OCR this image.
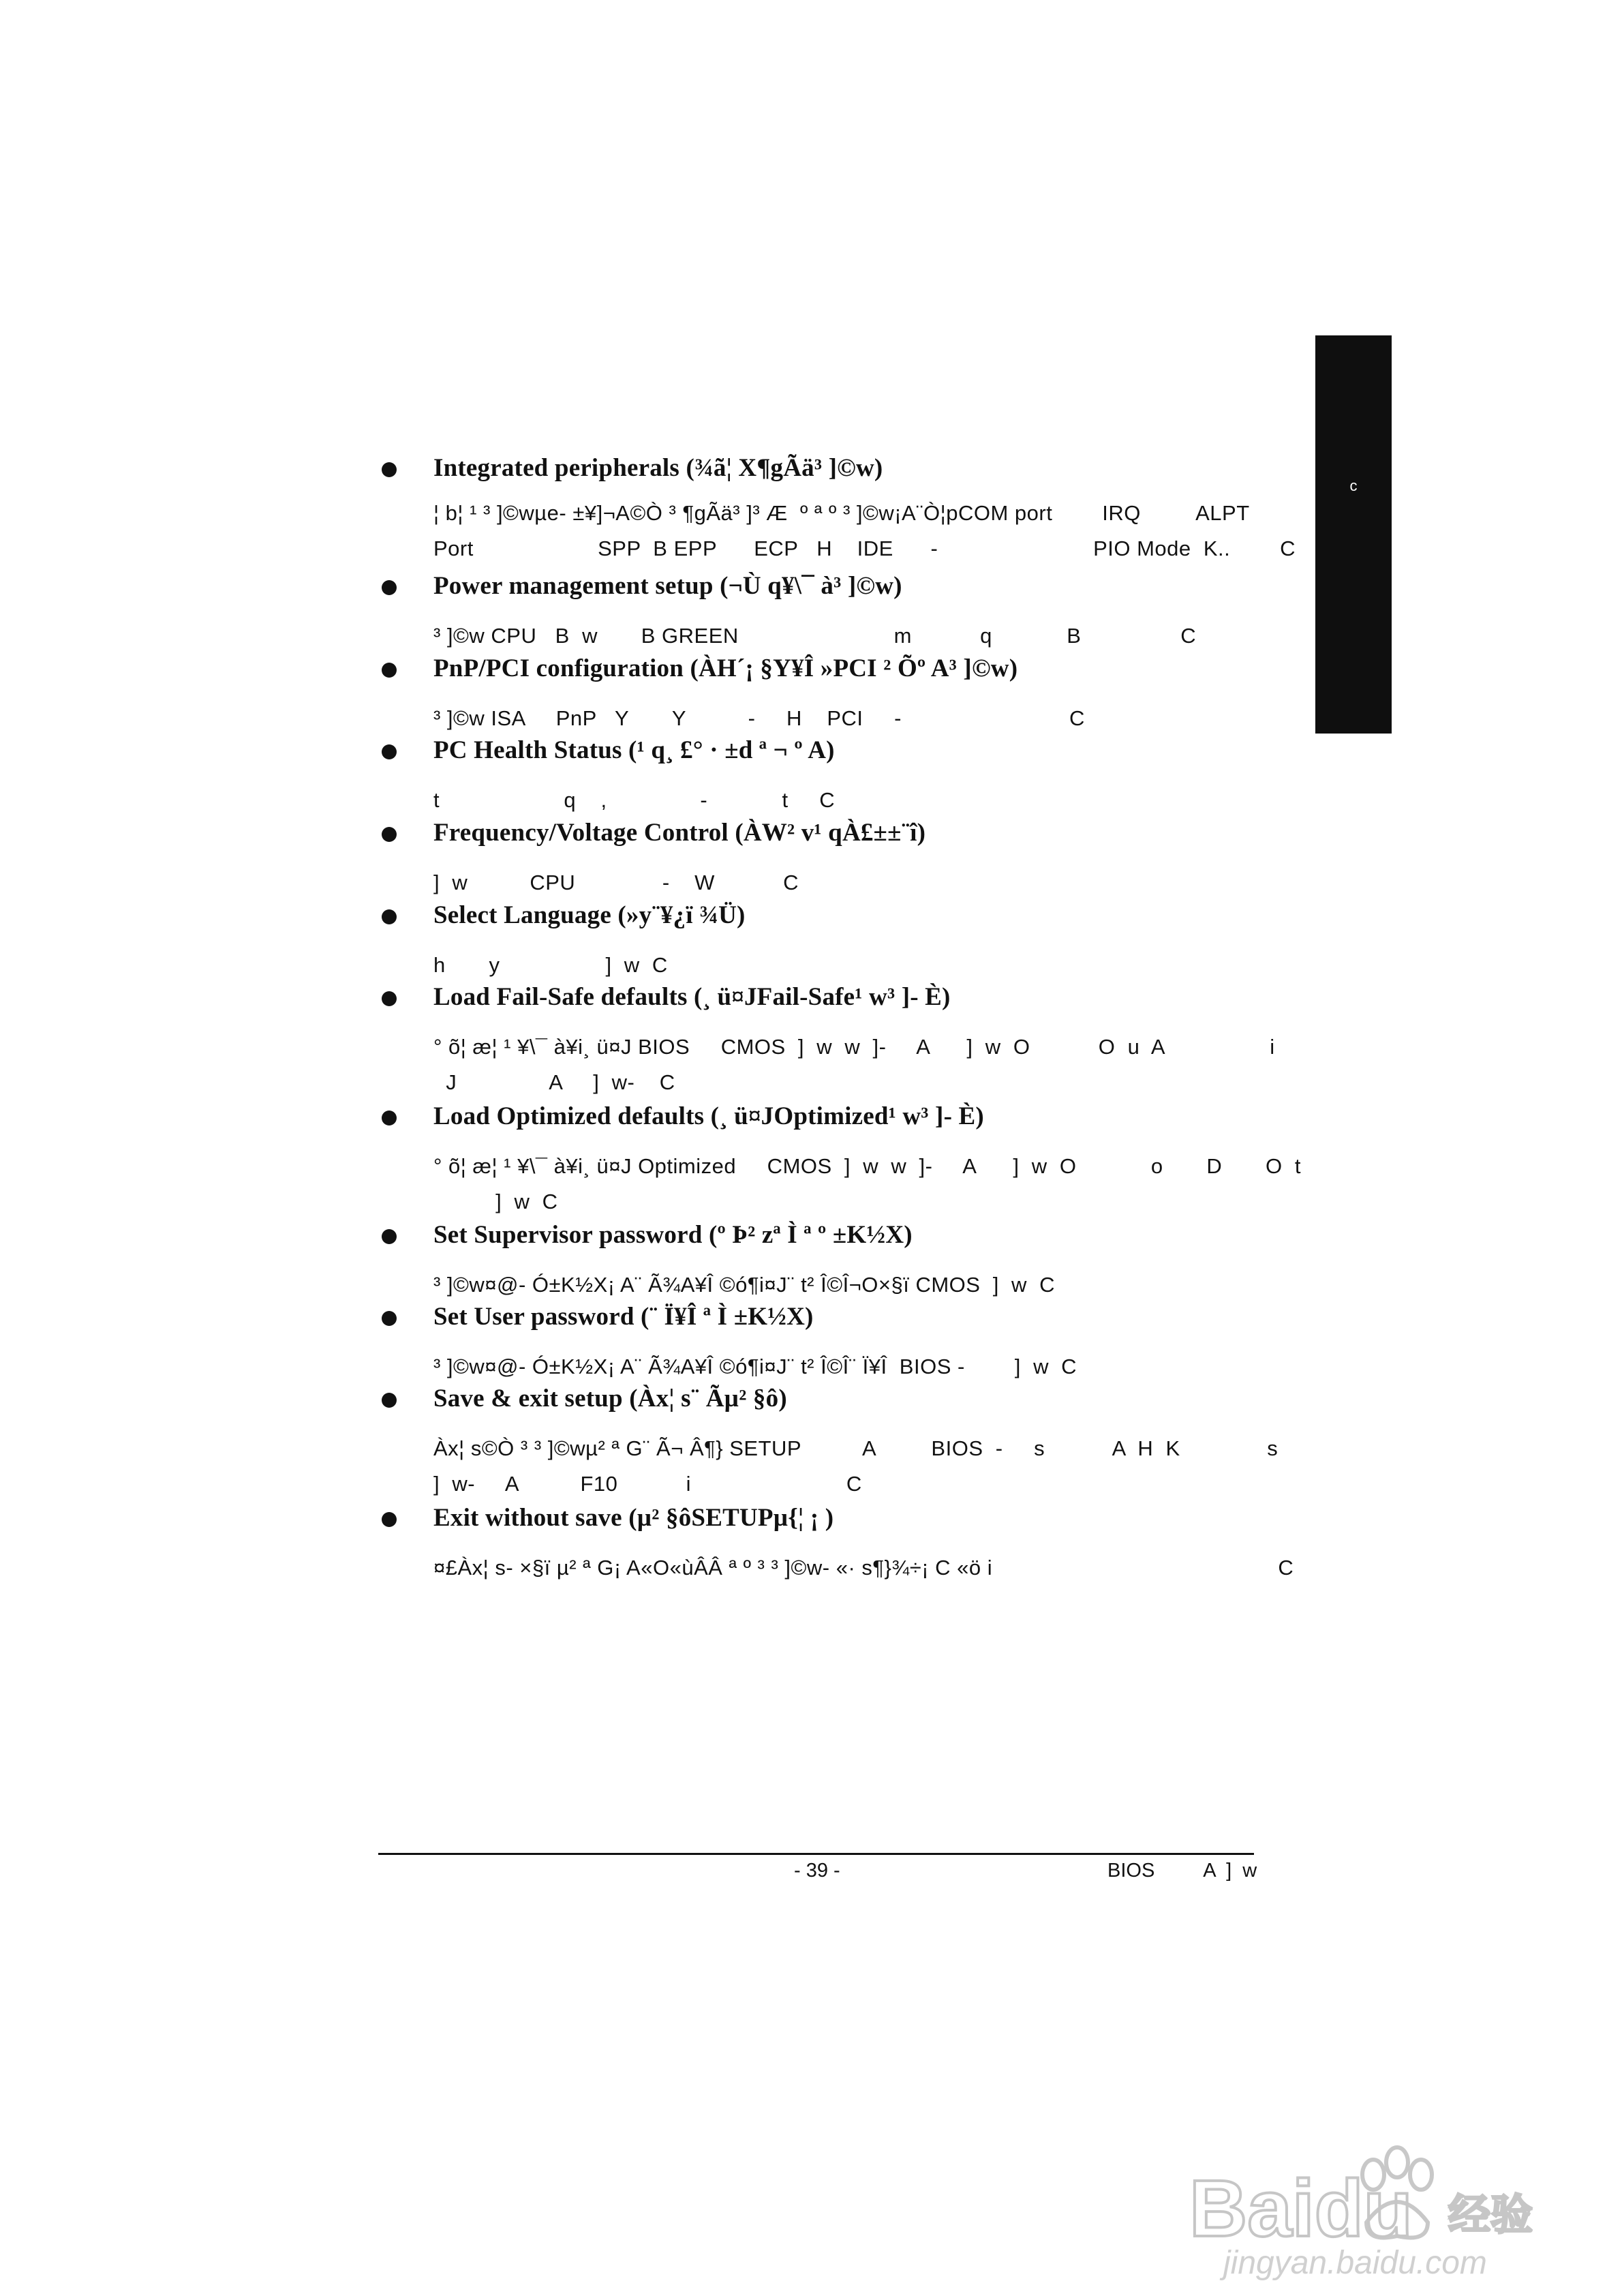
c
Integrated peripherals (¾ã¦ X¶gÃä³ ]©w)
¦ b¦ ¹ ³ ]©wµe- ±¥]¬A©Ò ³ ¶gÃä³ ]³ Æ  º ª º ³ ]©w¡A¨Ò¦pCOM port        IRQ         ALPT
Port                    SPP  B EPP      ECP   H    IDE      -                         PIO Mode  K..        C
Power management setup (¬Ù q¥\¯ à³ ]©w)
³ ]©w CPU   B  w       B GREEN                         m           q            B                C
PnP/PCI configuration (ÀH´¡ §Y¥Î »PCI ² Õº A³ ]©w)
³ ]©w ISA     PnP   Y       Y          -     H    PCI     -                           C
PC Health Status (¹ q¸ £° · ±d ª ¬ º A)
t                    q    ,               -            t     C
Frequency/Voltage Control (ÀW² v¹ qÀ£±±¨î)
]  w          CPU              -    W           C
Select Language (»y¨¥¿ï ¾Ü)
h       y                 ]  w  C
Load Fail-Safe defaults (¸ ü¤JFail-Safe¹ w³ ]- È)
° õ¦ æ¦ ¹ ¥\¯ à¥i¸ ü¤J BIOS     CMOS  ]  w  w  ]-     A      ]  w  O           O  u  A                 i
J               A     ]  w-    C
Load Optimized defaults (¸ ü¤JOptimized¹ w³ ]- È)
° õ¦ æ¦ ¹ ¥\¯ à¥i¸ ü¤J Optimized     CMOS  ]  w  w  ]-     A      ]  w  O            o       D       O  t
]  w  C
Set Supervisor password (º Þ² zª Ì ª º ±K½X)
³ ]©w¤@- Ó±K½X¡ A¨ Ã¾A¥Î ©ó¶i¤J¨ t² Î©Î¬O×§ï CMOS  ]  w  C
Set User password (¨ Ï¥Î ª Ì ±K½X)
³ ]©w¤@- Ó±K½X¡ A¨ Ã¾A¥Î ©ó¶i¤J¨ t² Î©Î¨ Ï¥Î  BIOS -        ]  w  C
Save & exit setup (Àx¦ s¨ Ãµ² §ô)
Àx¦ s©Ò ³ ³ ]©wµ² ª G¨ Ã¬ Â¶} SETUP          A         BIOS  -     s           A  H  K              s
]  w-     A          F10           i                         C
Exit without save (µ² §ôSETUPµ{¦ ¡ )
¤£Àx¦ s- ×§ï µ² ª G¡ A«O«ùÂÂ ª º ³ ³ ]©w- «· s¶}¾÷¡ C «ö i                                              C
- 39 -	BIOS         A  ]  w
Baidu 经验
jingyan.baidu.com
